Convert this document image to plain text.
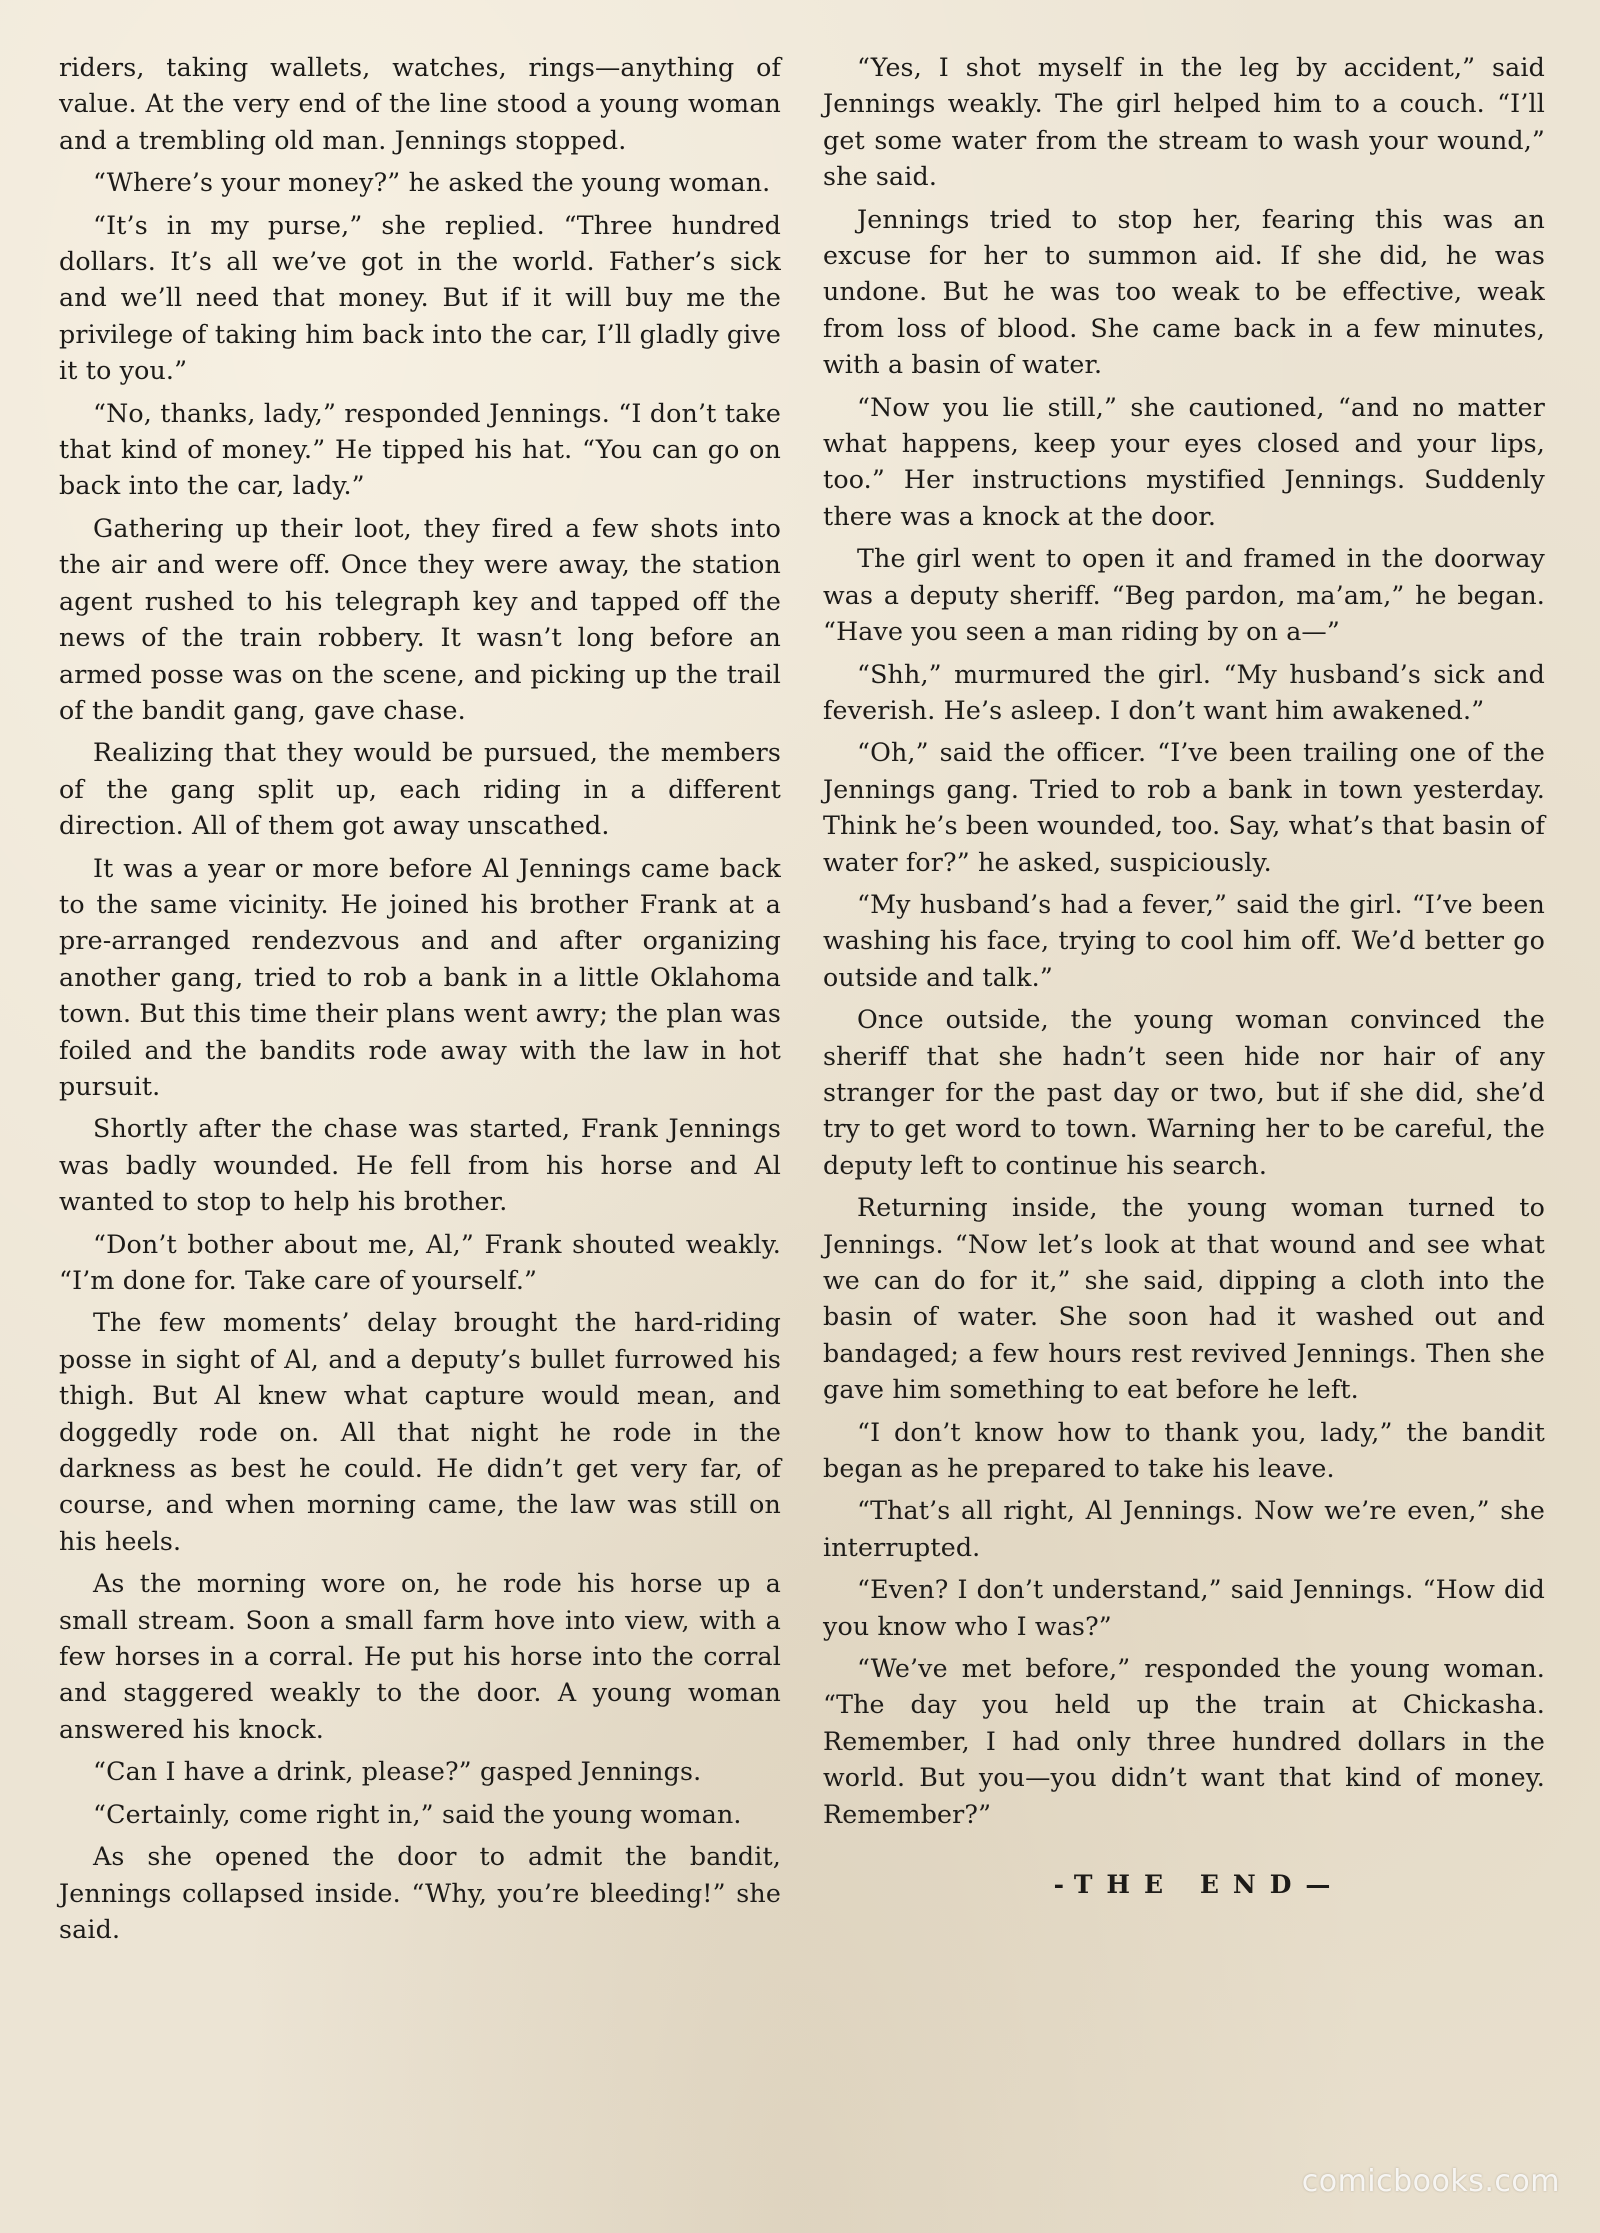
riders, taking wallets, watches, rings—anything of value. At the very end of the line stood a young woman and a trembling old man. Jennings stopped.

“Where’s your money?” he asked the young woman.

“It’s in my purse,” she replied. “Three hundred dollars. It’s all we’ve got in the world. Father’s sick and we’ll need that money. But if it will buy me the privilege of taking him back into the car, I’ll gladly give it to you.”

“No, thanks, lady,” responded Jennings. “I don’t take that kind of money.” He tipped his hat. “You can go on back into the car, lady.”

Gathering up their loot, they fired a few shots into the air and were off. Once they were away, the station agent rushed to his telegraph key and tapped off the news of the train robbery. It wasn’t long before an armed posse was on the scene, and picking up the trail of the bandit gang, gave chase.

Realizing that they would be pursued, the members of the gang split up, each riding in a different direction. All of them got away unscathed.

It was a year or more before Al Jennings came back to the same vicinity. He joined his brother Frank at a pre-arranged rendezvous and and after organizing another gang, tried to rob a bank in a little Oklahoma town. But this time their plans went awry; the plan was foiled and the bandits rode away with the law in hot pursuit.

Shortly after the chase was started, Frank Jennings was badly wounded. He fell from his horse and Al wanted to stop to help his brother.

“Don’t bother about me, Al,” Frank shouted weakly. “I’m done for. Take care of yourself.”

The few moments’ delay brought the hard-riding posse in sight of Al, and a deputy’s bullet furrowed his thigh. But Al knew what capture would mean, and doggedly rode on. All that night he rode in the darkness as best he could. He didn’t get very far, of course, and when morning came, the law was still on his heels.

As the morning wore on, he rode his horse up a small stream. Soon a small farm hove into view, with a few horses in a corral. He put his horse into the corral and staggered weakly to the door. A young woman answered his knock.

“Can I have a drink, please?” gasped Jennings.

“Certainly, come right in,” said the young woman.

As she opened the door to admit the bandit, Jennings collapsed inside. “Why, you’re bleeding!” she said.

“Yes, I shot myself in the leg by accident,” said Jennings weakly. The girl helped him to a couch. “I’ll get some water from the stream to wash your wound,” she said.

Jennings tried to stop her, fearing this was an excuse for her to summon aid. If she did, he was undone. But he was too weak to be effective, weak from loss of blood. She came back in a few minutes, with a basin of water.

“Now you lie still,” she cautioned, “and no matter what happens, keep your eyes closed and your lips, too.” Her instructions mystified Jennings. Suddenly there was a knock at the door.

The girl went to open it and framed in the doorway was a deputy sheriff. “Beg pardon, ma’am,” he began. “Have you seen a man riding by on a—”

“Shh,” murmured the girl. “My husband’s sick and feverish. He’s asleep. I don’t want him awakened.”

“Oh,” said the officer. “I’ve been trailing one of the Jennings gang. Tried to rob a bank in town yesterday. Think he’s been wounded, too. Say, what’s that basin of water for?” he asked, suspiciously.

“My husband’s had a fever,” said the girl. “I’ve been washing his face, trying to cool him off. We’d better go outside and talk.”

Once outside, the young woman convinced the sheriff that she hadn’t seen hide nor hair of any stranger for the past day or two, but if she did, she’d try to get word to town. Warning her to be careful, the deputy left to continue his search.

Returning inside, the young woman turned to Jennings. “Now let’s look at that wound and see what we can do for it,” she said, dipping a cloth into the basin of water. She soon had it washed out and bandaged; a few hours rest revived Jennings. Then she gave him something to eat before he left.

“I don’t know how to thank you, lady,” the bandit began as he prepared to take his leave.

“That’s all right, Al Jennings. Now we’re even,” she interrupted.

“Even? I don’t understand,” said Jennings. “How did you know who I was?”

“We’ve met before,” responded the young woman. “The day you held up the train at Chickasha. Remember, I had only three hundred dollars in the world. But you—you didn’t want that kind of money. Remember?”

-THE END—
comicbooks.com
